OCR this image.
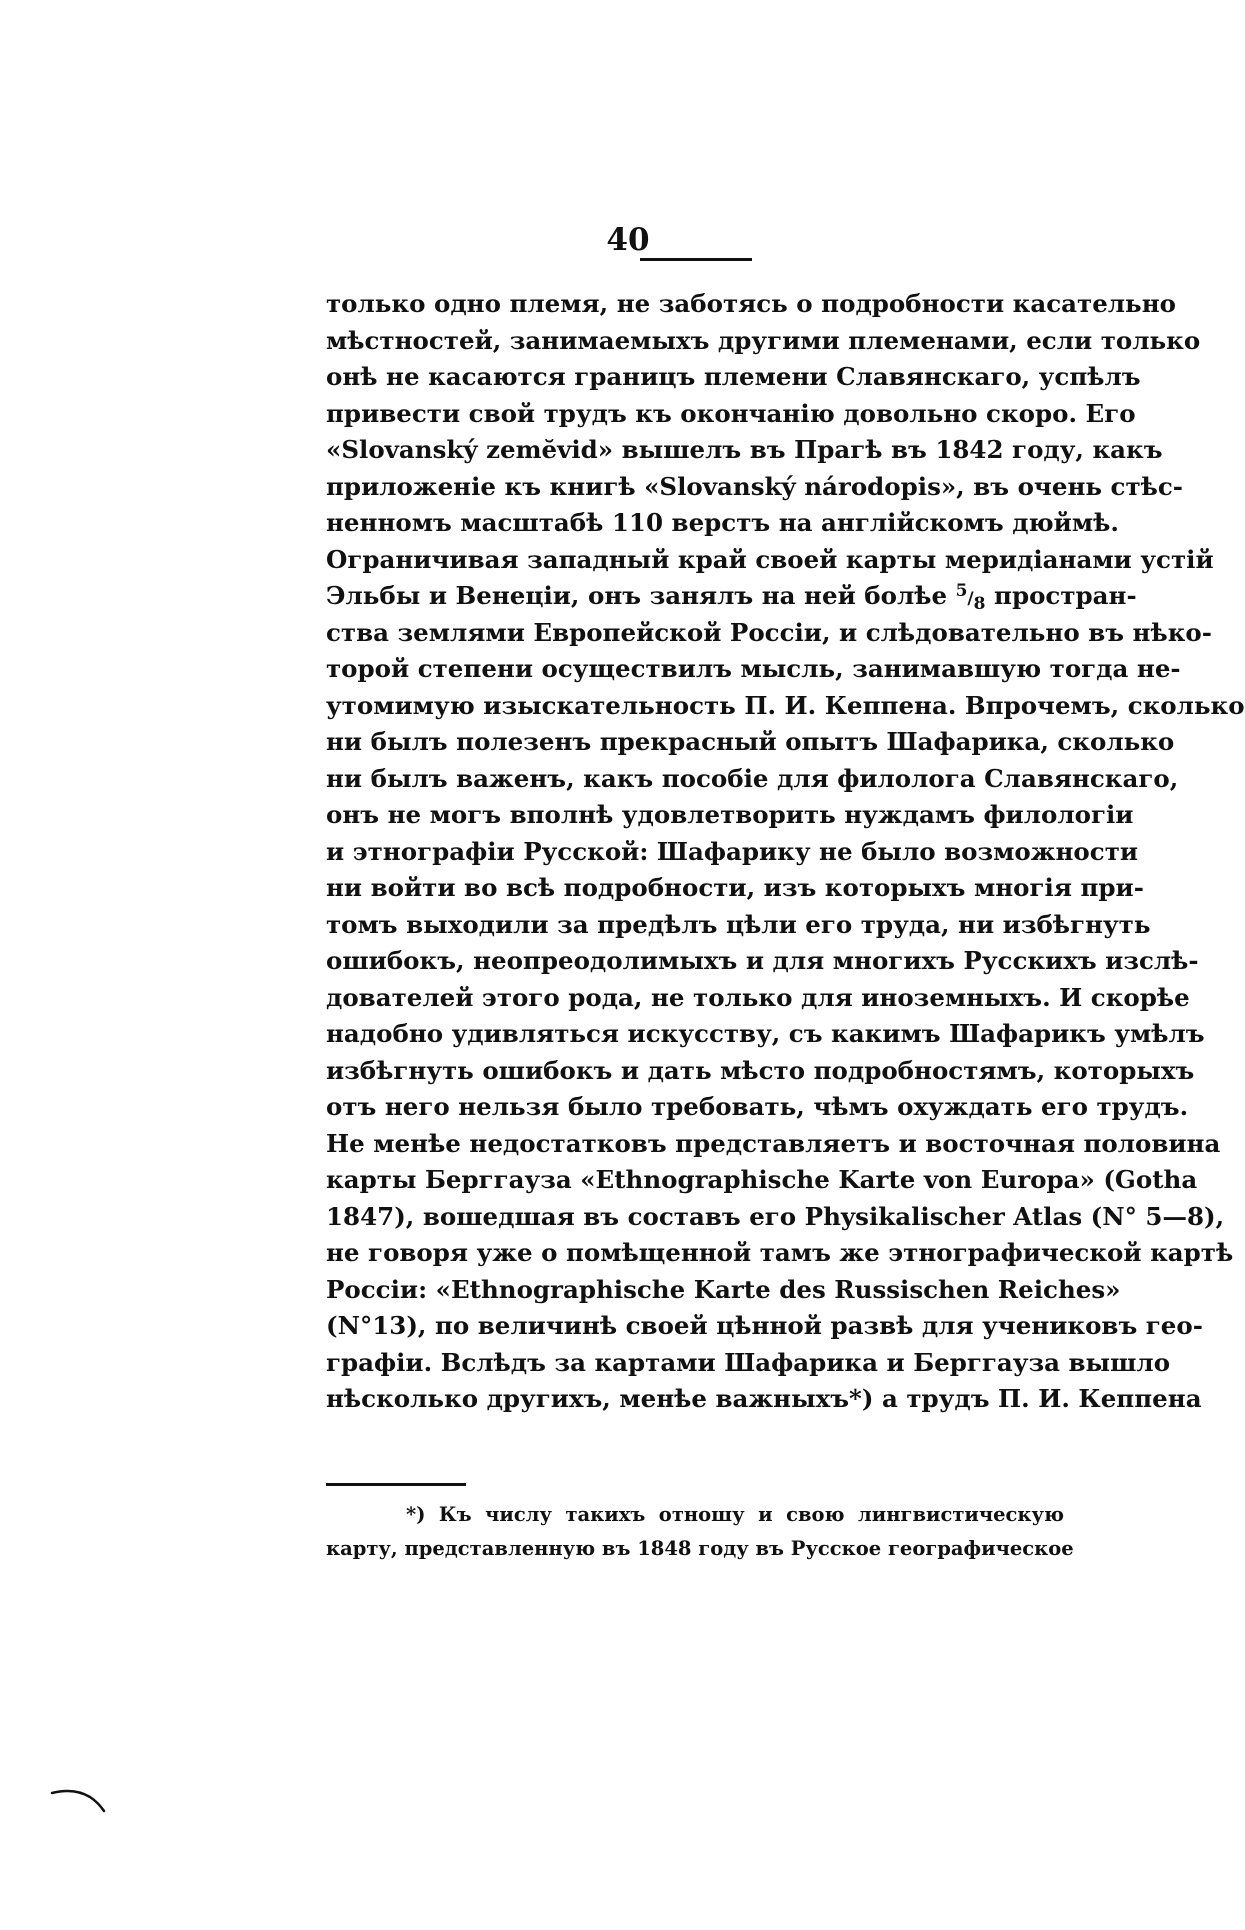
40
только одно племя, не заботясь о подробности касательно
мѣстностей, занимаемыхъ другими племенами, если только
онѣ не касаются границъ племени Славянскаго, успѣлъ
привести свой трудъ къ окончанію довольно скоро. Его
«Slovanský zemĕvid» вышелъ въ Прагѣ въ 1842 году, какъ
приложеніе къ книгѣ «Slovanský národopis», въ очень стѣс-
ненномъ масштабѣ 110 верстъ на англійскомъ дюймѣ.
Ограничивая западный край своей карты меридіанами устій
Эльбы и Венеціи, онъ занялъ на ней болѣе 5/8 простран-
ства землями Европейской Россіи, и слѣдовательно въ нѣко-
торой степени осуществилъ мысль, занимавшую тогда не-
утомимую изыскательность П. И. Кеппена. Впрочемъ, сколько
ни былъ полезенъ прекрасный опытъ Шафарика, сколько
ни былъ важенъ, какъ пособіе для филолога Славянскаго,
онъ не могъ вполнѣ удовлетворить нуждамъ филологіи
и этнографіи Русской: Шафарику не было возможности
ни войти во всѣ подробности, изъ которыхъ многія при-
томъ выходили за предѣлъ цѣли его труда, ни избѣгнуть
ошибокъ, неопреодолимыхъ и для многихъ Русскихъ изслѣ-
дователей этого рода, не только для иноземныхъ. И скорѣе
надобно удивляться искусству, съ какимъ Шафарикъ умѣлъ
избѣгнуть ошибокъ и дать мѣсто подробностямъ, которыхъ
отъ него нельзя было требовать, чѣмъ охуждать его трудъ.
Не менѣе недостатковъ представляетъ и восточная половина
карты Берггауза «Ethnographische Karte von Europa» (Gotha
1847), вошедшая въ составъ его Physikalischer Atlas (N° 5—8),
не говоря уже о помѣщенной тамъ же этнографической картѣ
Россіи: «Ethnographische Karte des Russischen Reiches»
(N°13), по величинѣ своей цѣнной развѣ для учениковъ гео-
графіи. Вслѣдъ за картами Шафарика и Берггауза вышло
нѣсколько другихъ, менѣе важныхъ*) а трудъ П. И. Кеппена
*) Къ числу такихъ отношу и свою лингвистическую
карту, представленную въ 1848 году въ Русское географическое
